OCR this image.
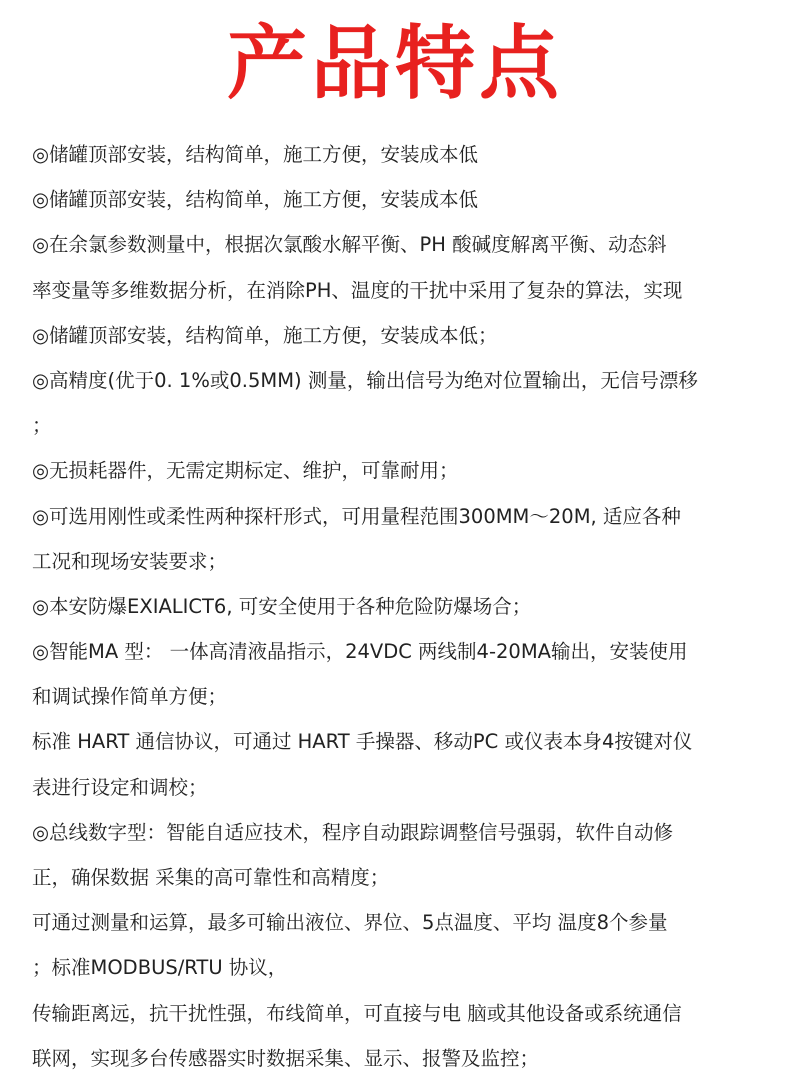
产品特点
◎储罐顶部安装，结构简单，施工方便，安装成本低
◎储罐顶部安装，结构简单，施工方便，安装成本低
◎在余氯参数测量中，根据次氯酸水解平衡、PH 酸碱度解离平衡、动态斜
率变量等多维数据分析，在消除PH、温度的干扰中采用了复杂的算法，实现
◎储罐顶部安装，结构简单，施工方便，安装成本低；
◎高精度(优于0. 1%或0.5MM) 测量，输出信号为绝对位置输出，无信号漂移
；
◎无损耗器件，无需定期标定、维护，可靠耐用；
◎可选用刚性或柔性两种探杆形式，可用量程范围300MM～20M, 适应各种
工况和现场安装要求；
◎本安防爆EXIALICT6, 可安全使用于各种危险防爆场合；
◎智能MA 型： 一体高清液晶指示，24VDC 两线制4-20MA输出，安装使用
和调试操作简单方便；
标准 HART 通信协议，可通过 HART 手操器、移动PC 或仪表本身4按键对仪
表进行设定和调校；
◎总线数字型：智能自适应技术，程序自动跟踪调整信号强弱，软件自动修
正，确保数据 采集的高可靠性和高精度；
可通过测量和运算，最多可输出液位、界位、5点温度、平均 温度8个参量
；标准MODBUS/RTU 协议，
传输距离远，抗干扰性强，布线简单，可直接与电 脑或其他设备或系统通信
联网，实现多台传感器实时数据采集、显示、报警及监控；
